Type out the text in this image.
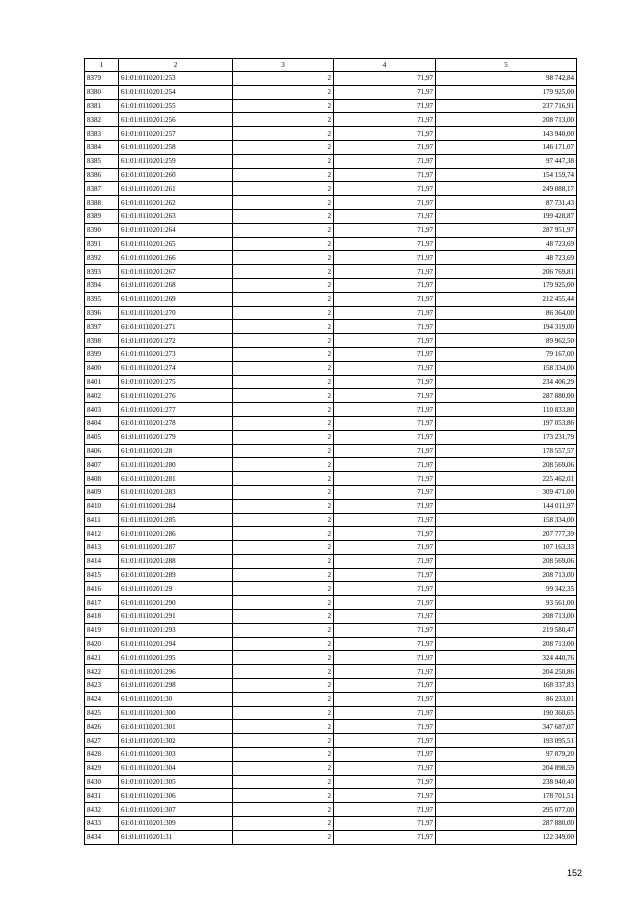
1	2	3	4	5
8379	61:01:0110201:253	2	71,97	98 742,84
8380	61:01:0110201:254	2	71,97	179 925,00
8381	61:01:0110201:255	2	71,97	237 716,91
8382	61:01:0110201:256	2	71,97	208 713,00
8383	61:01:0110201:257	2	71,97	143 940,00
8384	61:01:0110201:258	2	71,97	146 171,07
8385	61:01:0110201:259	2	71,97	97 447,38
8386	61:01:0110201:260	2	71,97	154 159,74
8387	61:01:0110201:261	2	71,97	249 088,17
8388	61:01:0110201:262	2	71,97	87 731,43
8389	61:01:0110201:263	2	71,97	199 428,87
8390	61:01:0110201:264	2	71,97	287 951,97
8391	61:01:0110201:265	2	71,97	48 723,69
8392	61:01:0110201:266	2	71,97	48 723,69
8393	61:01:0110201:267	2	71,97	206 769,81
8394	61:01:0110201:268	2	71,97	179 925,00
8395	61:01:0110201:269	2	71,97	212 455,44
8396	61:01:0110201:270	2	71,97	86 364,00
8397	61:01:0110201:271	2	71,97	194 319,00
8398	61:01:0110201:272	2	71,97	89 962,50
8399	61:01:0110201:273	2	71,97	79 167,00
8400	61:01:0110201:274	2	71,97	158 334,00
8401	61:01:0110201:275	2	71,97	234 406,29
8402	61:01:0110201:276	2	71,97	287 880,00
8403	61:01:0110201:277	2	71,97	110 833,80
8404	61:01:0110201:278	2	71,97	197 053,86
8405	61:01:0110201:279	2	71,97	173 231,79
8406	61:01:0110201:28	2	71,97	178 557,57
8407	61:01:0110201:280	2	71,97	208 569,06
8408	61:01:0110201:281	2	71,97	225 462,01
8409	61:01:0110201:283	2	71,97	309 471,00
8410	61:01:0110201:284	2	71,97	144 011,97
8411	61:01:0110201:285	2	71,97	158 334,00
8412	61:01:0110201:286	2	71,97	207 777,39
8413	61:01:0110201:287	2	71,97	107 163,33
8414	61:01:0110201:288	2	71,97	208 569,06
8415	61:01:0110201:289	2	71,97	208 713,00
8416	61:01:0110201:29	2	71,97	99 342,35
8417	61:01:0110201:290	2	71,97	93 561,00
8418	61:01:0110201:291	2	71,97	208 713,00
8419	61:01:0110201:293	2	71,97	219 580,47
8420	61:01:0110201:294	2	71,97	208 713,00
8421	61:01:0110201:295	2	71,97	324 440,76
8422	61:01:0110201:296	2	71,97	204 250,86
8423	61:01:0110201:298	2	71,97	168 337,83
8424	61:01:0110201:30	2	71,97	86 233,01
8425	61:01:0110201:300	2	71,97	190 360,65
8426	61:01:0110201:301	2	71,97	347 687,07
8427	61:01:0110201:302	2	71,97	193 095,51
8428	61:01:0110201:303	2	71,97	97 879,20
8429	61:01:0110201:304	2	71,97	204 898,59
8430	61:01:0110201:305	2	71,97	238 940,40
8431	61:01:0110201:306	2	71,97	178 701,51
8432	61:01:0110201:307	2	71,97	295 077,00
8433	61:01:0110201:309	2	71,97	287 880,00
8434	61:01:0110201:31	2	71,97	122 349,00
152
